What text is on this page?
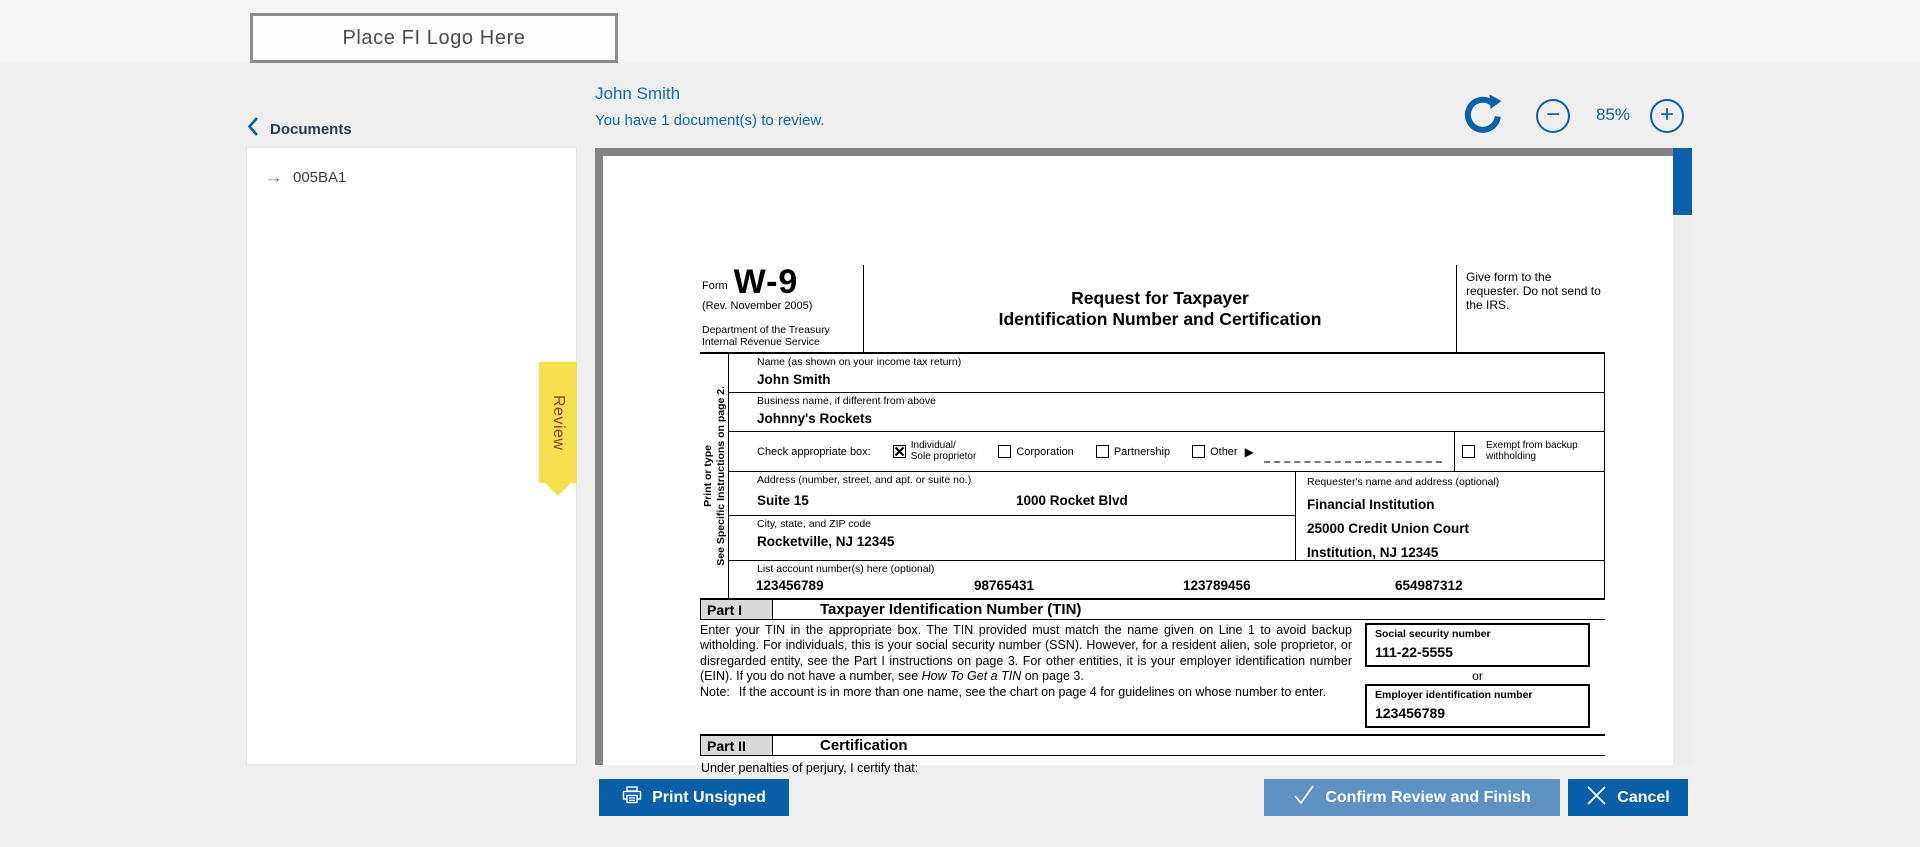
Place FI Logo Here
John Smith
You have 1 document(s) to review.	− 85% +
Documents
→ 005BA1
Form W-9
(Rev. November 2005)
Department of the Treasury
Internal Revenue Service
Request for Taxpayer
Identification Number and Certification
Give form to the requester. Do not send to the IRS.
Print or type See Specific Instructions on page 2.
Name (as shown on your income tax return)
John Smith
Business name, if different from above
Johnny's Rockets
Check appropriate box:	Individual/
Sole proprietor	Corporation	Partnership	Other ▶	Exempt from backup
withholding
Address (number, street, and apt. or suite no.)
Suite 15	1000 Rocket Blvd
City, state, and ZIP code
Rocketville, NJ 12345
Requester's name and address (optional)
Financial Institution
25000 Credit Union Court
Institution, NJ 12345
List account number(s) here (optional)
123456789	98765431	123789456	654987312
Part I	Taxpayer Identification Number (TIN)
Enter your TIN in the appropriate box. The TIN provided must match the name given on Line 1 to avoid backup witholding. For individuals, this is your social security number (SSN). However, for a resident alien, sole proprietor, or disregarded entity, see the Part I instructions on page 3. For other entities, it is your employer identification number (EIN). If you do not have a number, see How To Get a TIN on page 3.
Note: If the account is in more than one name, see the chart on page 4 for guidelines on whose number to enter.
Social security number
111-22-5555
or
Employer identification number
123456789
Part II	Certification
Under penalties of perjury, I certify that:
Review
Print Unsigned	Confirm Review and Finish	Cancel
